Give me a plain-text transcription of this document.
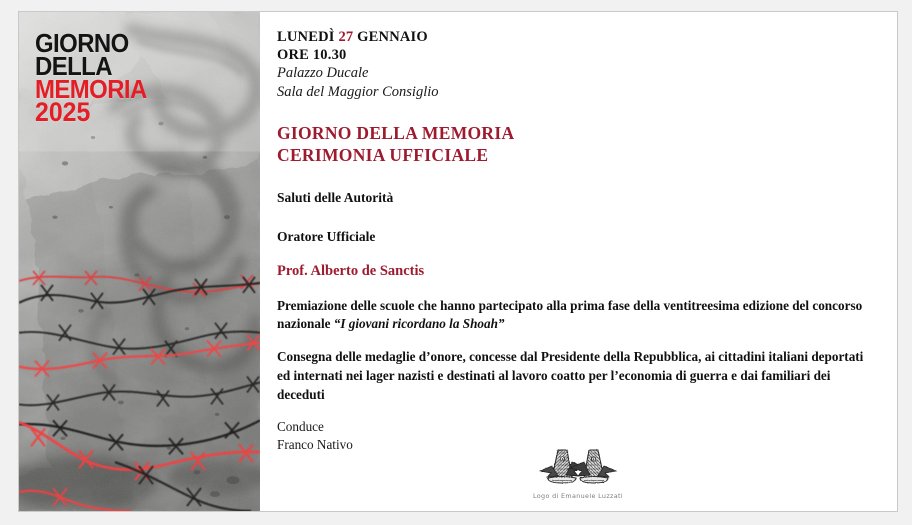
GIORNO
DELLA
MEMORIA
2025
LUNEDÌ 27 GENNAIO
ORE 10.30
Palazzo Ducale
Sala del Maggior Consiglio
GIORNO DELLA MEMORIA
CERIMONIA UFFICIALE
Saluti delle Autorità
Oratore Ufficiale
Prof. Alberto de Sanctis
Premiazione delle scuole che hanno partecipato alla prima fase della ventitreesima edizione del concorso nazionale “I giovani ricordano la Shoah”
Consegna delle medaglie d’onore, concesse dal Presidente della Repubblica, ai cittadini italiani deportati ed internati nei lager nazisti e destinati al lavoro coatto per l’economia di guerra e dai familiari dei deceduti
Conduce
Franco Nativo
Logo di Emanuele Luzzati
